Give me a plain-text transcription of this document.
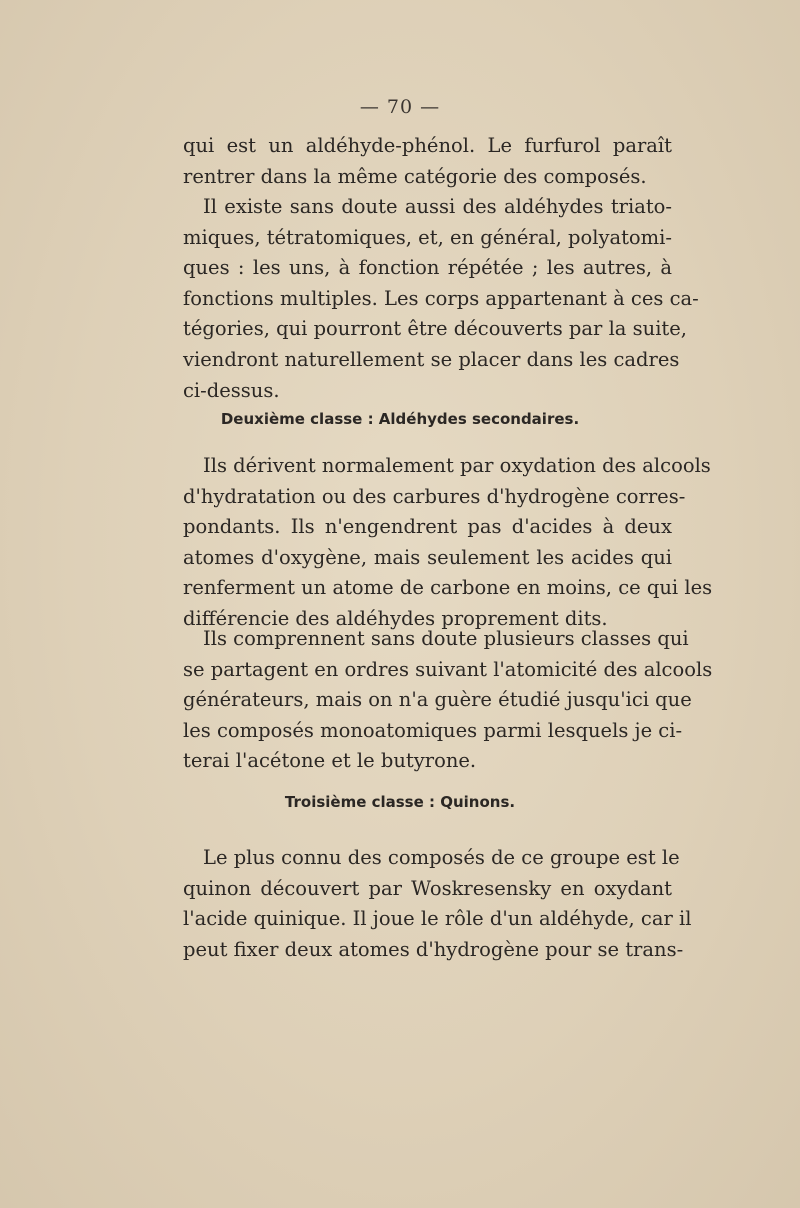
— 70 —
qui est un aldéhyde-phénol. Le furfurol paraît
rentrer dans la même catégorie des composés.
Il existe sans doute aussi des aldéhydes triato-
miques, tétratomiques, et, en général, polyatomi-
ques : les uns, à fonction répétée ; les autres, à
fonctions multiples. Les corps appartenant à ces ca-
tégories, qui pourront être découverts par la suite,
viendront naturellement se placer dans les cadres
ci-dessus.
Deuxième classe : Aldéhydes secondaires.
Ils dérivent normalement par oxydation des alcools
d'hydratation ou des carbures d'hydrogène corres-
pondants. Ils n'engendrent pas d'acides à deux
atomes d'oxygène, mais seulement les acides qui
renferment un atome de carbone en moins, ce qui les
différencie des aldéhydes proprement dits.
Ils comprennent sans doute plusieurs classes qui
se partagent en ordres suivant l'atomicité des alcools
générateurs, mais on n'a guère étudié jusqu'ici que
les composés monoatomiques parmi lesquels je ci-
terai l'acétone et le butyrone.
Troisième classe : Quinons.
Le plus connu des composés de ce groupe est le
quinon découvert par Woskresensky en oxydant
l'acide quinique. Il joue le rôle d'un aldéhyde, car il
peut fixer deux atomes d'hydrogène pour se trans-
